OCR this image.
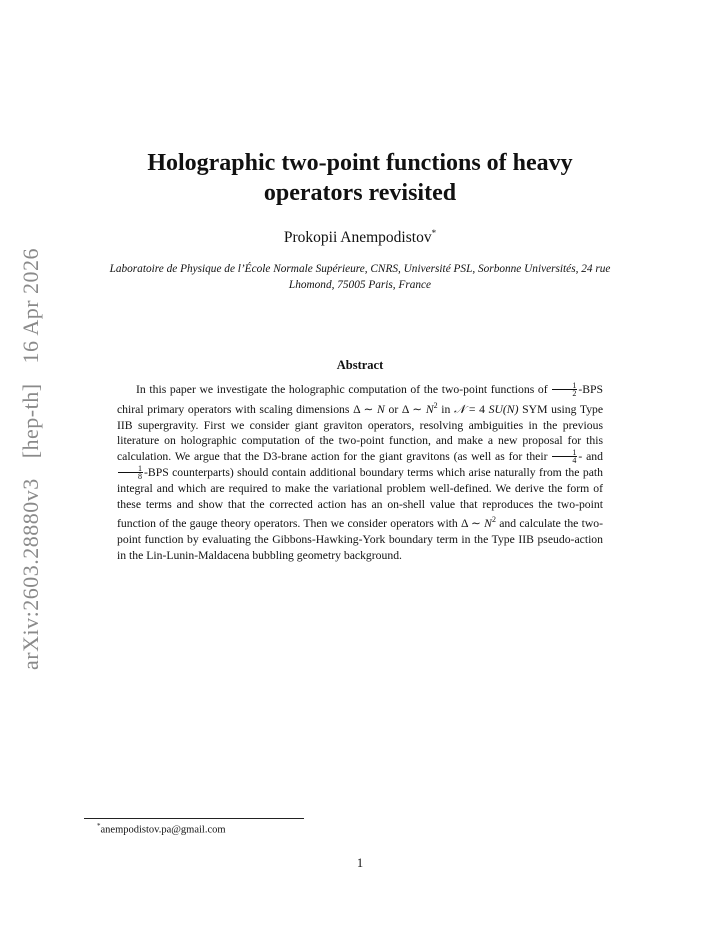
arXiv:2603.28880v3 [hep-th] 16 Apr 2026
Holographic two-point functions of heavy operators revisited
Prokopii Anempodistov*
Laboratoire de Physique de l’École Normale Supérieure, CNRS, Université PSL, Sorbonne Universités, 24 rue Lhomond, 75005 Paris, France
Abstract

In this paper we investigate the holographic computation of the two-point functions of $\frac{1}{2} -BPS$ chiral primary operators with scaling dimensions Δ ∼ N or Δ ∼ $N^2$ in 𝒩 = 4 SU(N) SYM using Type IIB supergravity. First we consider giant graviton operators, resolving ambiguities in the previous literature on holographic computation of the two-point function, and make a new proposal for this calculation. We argue that the D3-brane action for the giant gravitons (as well as for their $\frac{1}{4}$ - and
$\frac{1}{8} -BPS$ counterparts) should contain additional boundary terms which arise naturally from the path integral and which are required to make the variational problem well-defined. We derive the form of these terms and show that the corrected action has an on-shell value that reproduces the two-point function of the gauge theory operators. Then we consider operators with Δ ∼ $N^2$ and calculate the two-point function by evaluating the Gibbons-Hawking-York boundary term in the Type IIB pseudo-action in the Lin-Lunin-Maldacena bubbling geometry background.

*anempodistov.pa@gmail.com
1
